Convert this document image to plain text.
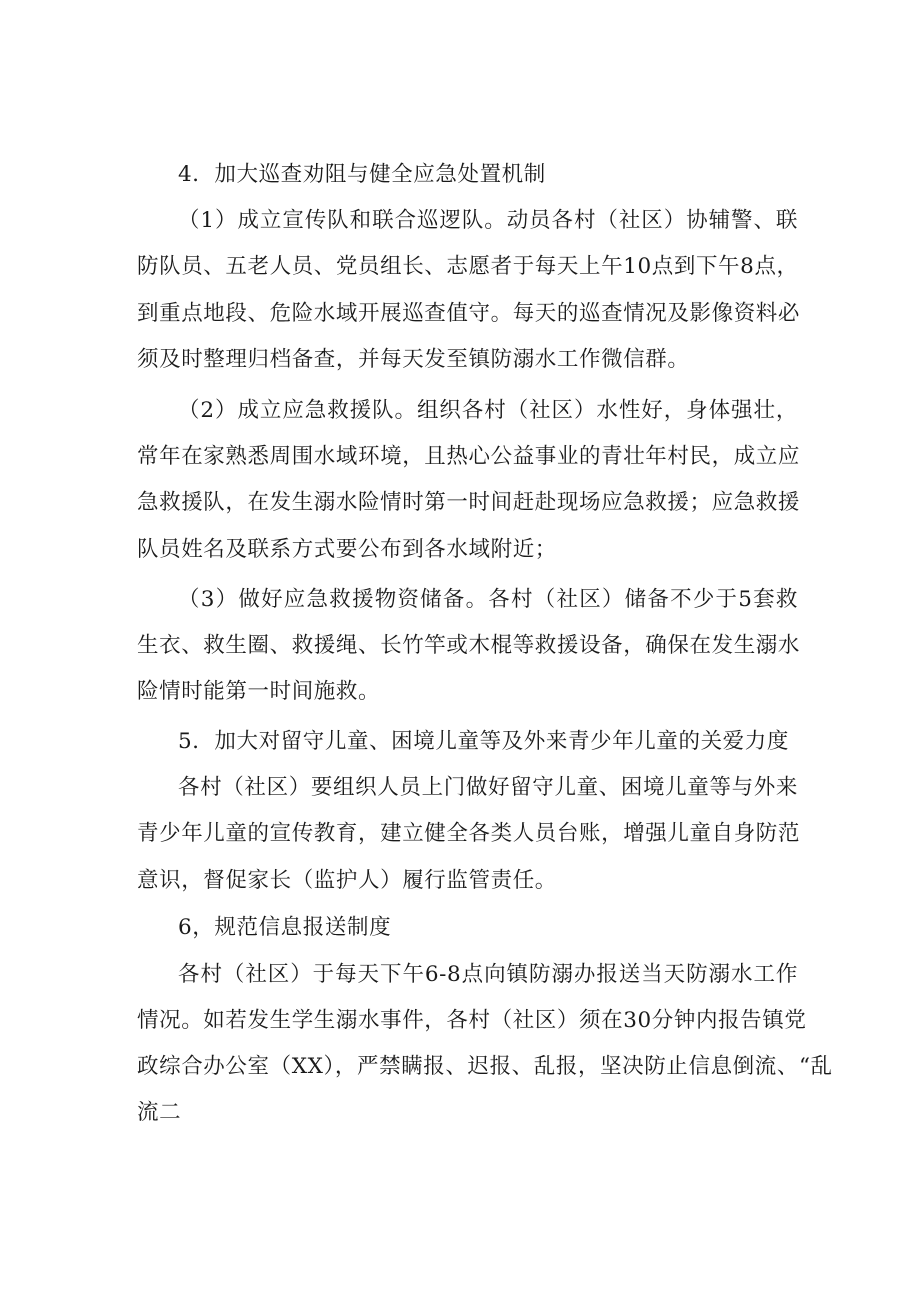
4．加大巡查劝阻与健全应急处置机制
（1）成立宣传队和联合巡逻队。动员各村（社区）协辅警、联
防队员、五老人员、党员组长、志愿者于每天上午10点到下午8点，
到重点地段、危险水域开展巡查值守。每天的巡查情况及影像资料必
须及时整理归档备查，并每天发至镇防溺水工作微信群。
（2）成立应急救援队。组织各村（社区）水性好，身体强壮，
常年在家熟悉周围水域环境，且热心公益事业的青壮年村民，成立应
急救援队，在发生溺水险情时第一时间赶赴现场应急救援；应急救援
队员姓名及联系方式要公布到各水域附近；
（3）做好应急救援物资储备。各村（社区）储备不少于5套救
生衣、救生圈、救援绳、长竹竿或木棍等救援设备，确保在发生溺水
险情时能第一时间施救。
5．加大对留守儿童、困境儿童等及外来青少年儿童的关爱力度
各村（社区）要组织人员上门做好留守儿童、困境儿童等与外来
青少年儿童的宣传教育，建立健全各类人员台账，增强儿童自身防范
意识，督促家长（监护人）履行监管责任。
6，规范信息报送制度
各村（社区）于每天下午6-8点向镇防溺办报送当天防溺水工作
情况。如若发生学生溺水事件，各村（社区）须在30分钟内报告镇党
政综合办公室（XX），严禁瞒报、迟报、乱报，坚决防止信息倒流、“乱
流二
